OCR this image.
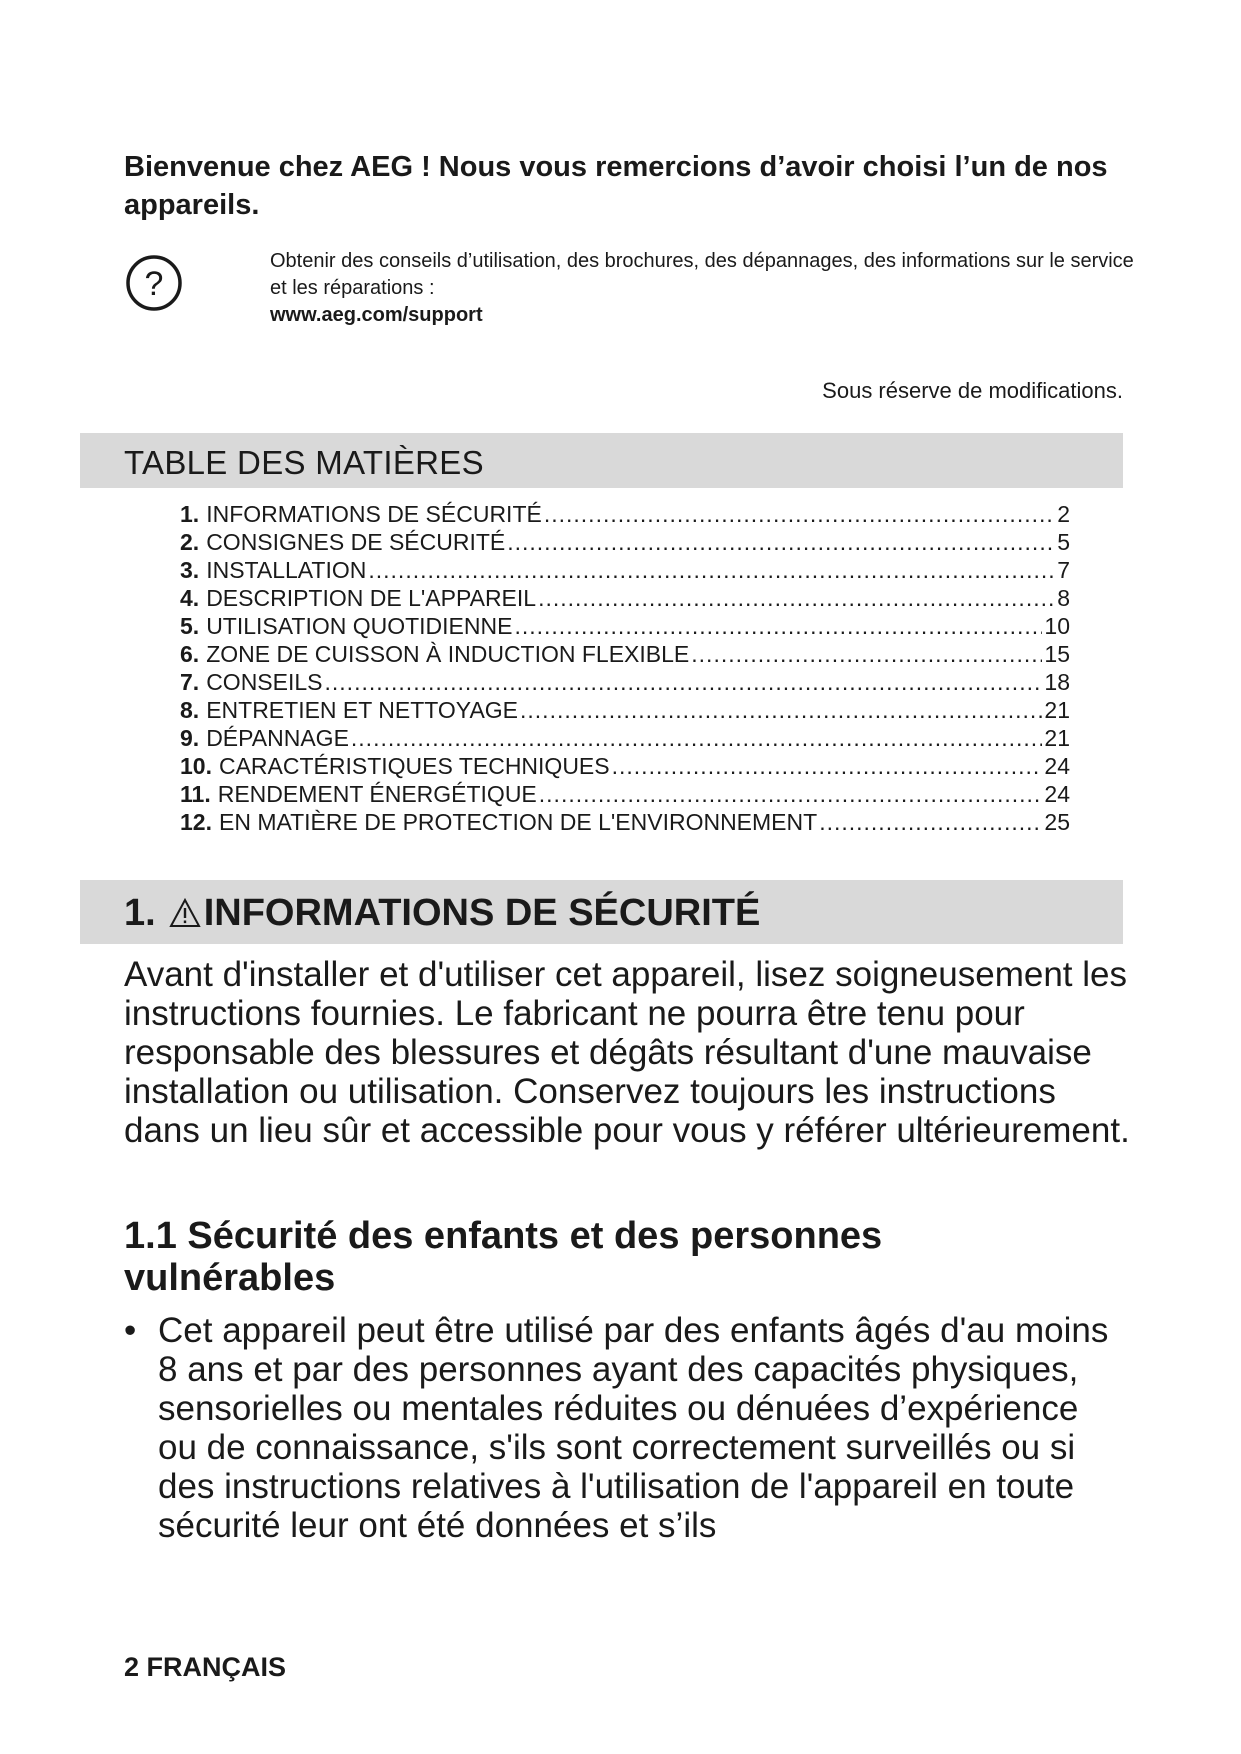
Bienvenue chez AEG ! Nous vous remercions d’avoir choisi l’un de nos appareils.
?
Obtenir des conseils d’utilisation, des brochures, des dépannages, des informations sur le service et les réparations :
www.aeg.com/support
Sous réserve de modifications.
TABLE DES MATIÈRES
1. INFORMATIONS DE SÉCURITÉ .....	2
2. CONSIGNES DE SÉCURITÉ .....	5
3. INSTALLATION .....	7
4. DESCRIPTION DE L'APPAREIL .....	8
5. UTILISATION QUOTIDIENNE .....	10
6. ZONE DE CUISSON À INDUCTION FLEXIBLE .....	15
7. CONSEILS .....	18
8. ENTRETIEN ET NETTOYAGE .....	21
9. DÉPANNAGE .....	21
10. CARACTÉRISTIQUES TECHNIQUES .....	24
11. RENDEMENT ÉNERGÉTIQUE .....	24
12. EN MATIÈRE DE PROTECTION DE L'ENVIRONNEMENT .....	25
1. INFORMATIONS DE SÉCURITÉ

Avant d'installer et d'utiliser cet appareil, lisez soigneusement les instructions fournies. Le fabricant ne pourra être tenu pour responsable des blessures et dégâts résultant d'une mauvaise installation ou utilisation. Conservez toujours les instructions dans un lieu sûr et accessible pour vous y référer ultérieurement.

1.1 Sécurité des enfants et des personnes vulnérables
• Cet appareil peut être utilisé par des enfants âgés d'au moins 8 ans et par des personnes ayant des capacités physiques, sensorielles ou mentales réduites ou dénuées d’expérience ou de connaissance, s'ils sont correctement surveillés ou si des instructions relatives à l'utilisation de l'appareil en toute sécurité leur ont été données et s’ils
2 FRANÇAIS
